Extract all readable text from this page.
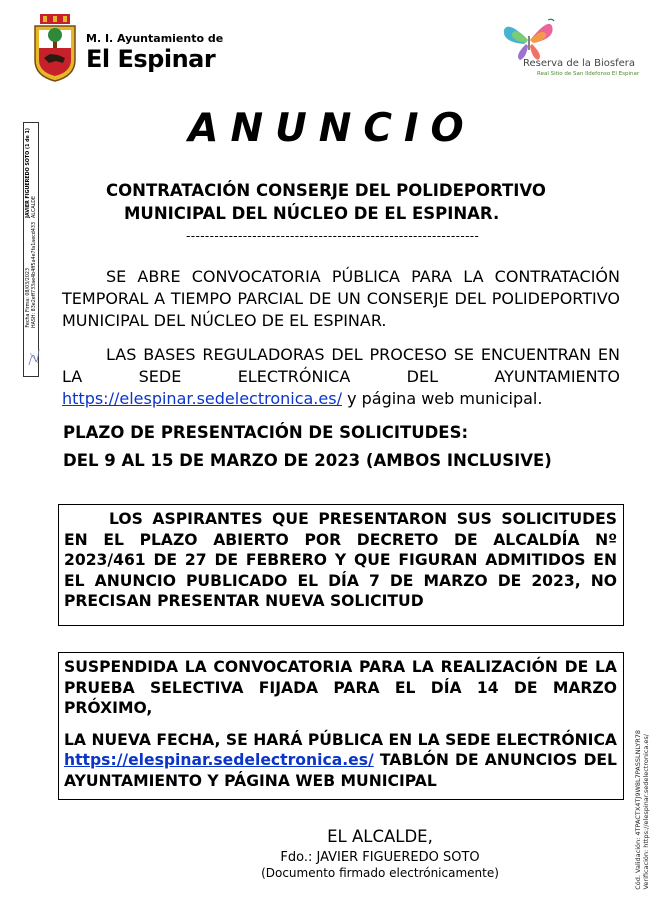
M. I. Ayuntamiento de
El Espinar	Reserva de la Biosfera
Real Sitio de San Ildefonso El Espinar
JAVIER FIGUEREDO SOTO (1 de 1)ALCALDEFecha Firma: 08/03/2023HASH: 83e2eff733ae4b4ff5a4e7fa1aecd433
Cód. Validación: 4TPACTX4TJ9W8L7PASSLNLYR78Verificación: https://elespinar.sedelectronica.es/
ANUNCIO
CONTRATACIÓN CONSERJE DEL POLIDEPORTIVO
MUNICIPAL DEL NÚCLEO DE EL ESPINAR.
--------------------------------------------------------------
SE ABRE CONVOCATORIA PÚBLICA PARA LA CONTRATACIÓN TEMPORAL A TIEMPO PARCIAL DE UN CONSERJE DEL POLIDEPORTIVO MUNICIPAL DEL NÚCLEO DE EL ESPINAR.
LAS BASES REGULADORAS DEL PROCESO SE ENCUENTRAN EN LA SEDE ELECTRÓNICA DEL AYUNTAMIENTO https://elespinar.sedelectronica.es/ y página web municipal.
PLAZO DE PRESENTACIÓN DE SOLICITUDES:
DEL 9 AL 15 DE MARZO DE 2023 (AMBOS INCLUSIVE)

LOS ASPIRANTES QUE PRESENTARON SUS SOLICITUDES EN EL PLAZO ABIERTO POR DECRETO DE ALCALDÍA Nº 2023/461 DE 27 DE FEBRERO Y QUE FIGURAN ADMITIDOS EN EL ANUNCIO PUBLICADO EL DÍA 7 DE MARZO DE 2023, NO PRECISAN PRESENTAR NUEVA SOLICITUD

SUSPENDIDA LA CONVOCATORIA PARA LA REALIZACIÓN DE LA PRUEBA SELECTIVA FIJADA PARA EL DÍA 14 DE MARZO PRÓXIMO,

LA NUEVA FECHA, SE HARÁ PÚBLICA EN LA SEDE ELECTRÓNICA https://elespinar.sedelectronica.es/ TABLÓN DE ANUNCIOS DEL AYUNTAMIENTO Y PÁGINA WEB MUNICIPAL

EL ALCALDE,
Fdo.: JAVIER FIGUEREDO SOTO
(Documento firmado electrónicamente)
